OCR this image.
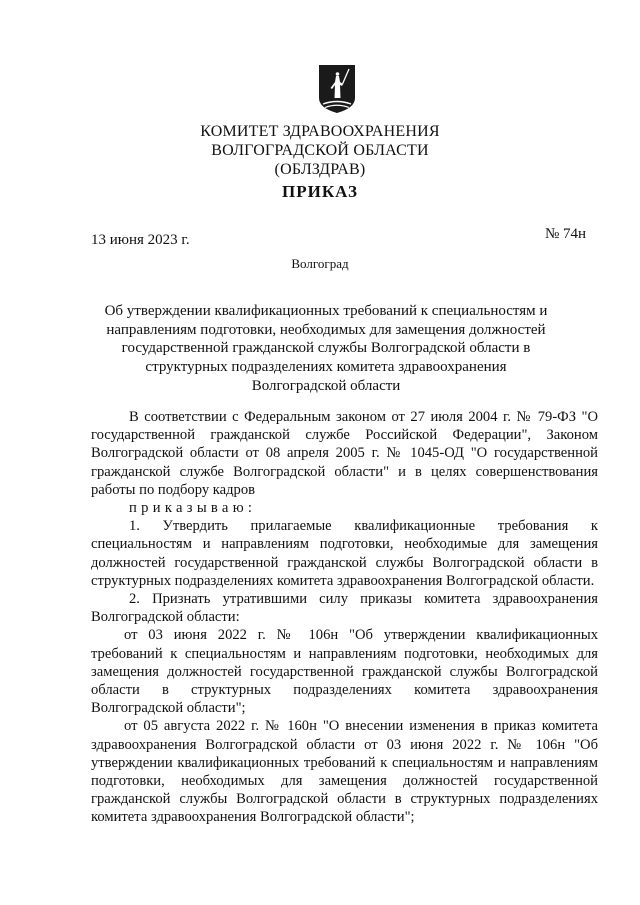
КОМИТЕТ ЗДРАВООХРАНЕНИЯ
ВОЛГОГРАДСКОЙ ОБЛАСТИ
(ОБЛЗДРАВ)
ПРИКАЗ
13 июня 2023 г.	№ 74н
Волгоград
Об утверждении квалификационных требований к специальностям и направлениям подготовки, необходимых для замещения должностей государственной гражданской службы Волгоградской области в структурных подразделениях комитета здравоохранения Волгоградской области

В соответствии с Федеральным законом от 27 июля 2004 г. № 79-ФЗ "О государственной гражданской службе Российской Федерации", Законом Волгоградской области от 08 апреля 2005 г. № 1045-ОД "О государственной гражданской службе Волгоградской области" и в целях совершенствования работы по подбору кадров

приказываю:

1. Утвердить прилагаемые квалификационные требования к специальностям и направлениям подготовки, необходимые для замещения должностей государственной гражданской службы Волгоградской области в структурных подразделениях комитета здравоохранения Волгоградской области.

2. Признать утратившими силу приказы комитета здравоохранения Волгоградской области:

от 03 июня 2022 г. № 106н "Об утверждении квалификационных требований к специальностям и направлениям подготовки, необходимых для замещения должностей государственной гражданской службы Волгоградской области в структурных подразделениях комитета здравоохранения Волгоградской области";

от 05 августа 2022 г. № 160н "О внесении изменения в приказ комитета здравоохранения Волгоградской области от 03 июня 2022 г. № 106н "Об утверждении квалификационных требований к специальностям и направлениям подготовки, необходимых для замещения должностей государственной гражданской службы Волгоградской области в структурных подразделениях комитета здравоохранения Волгоградской области";
